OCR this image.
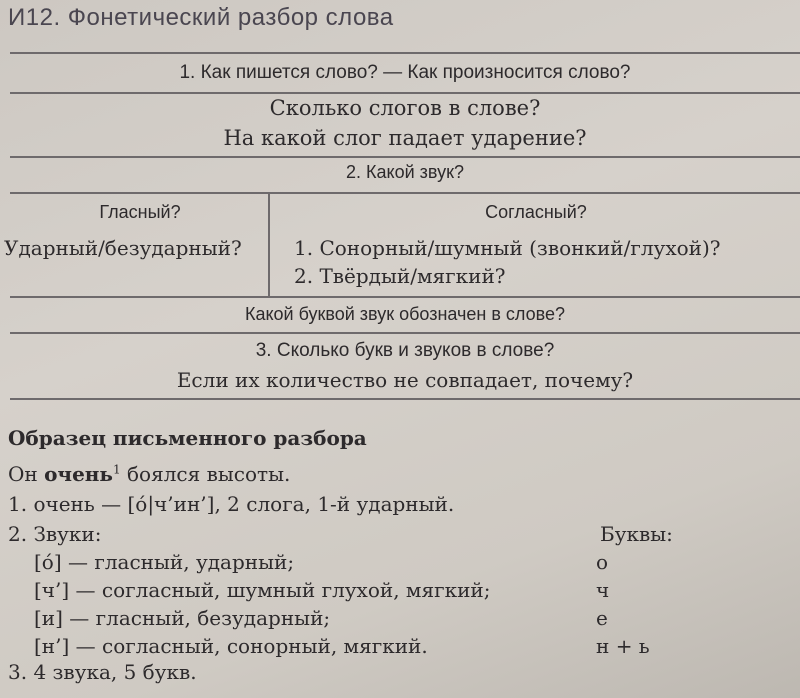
И12. Фонетический разбор слова
1. Как пишется слово? — Как произносится слово?
Сколько слогов в слове?
На какой слог падает ударение?
2. Какой звук?
Гласный?	Согласный?
Ударный/безударный?	1. Сонорный/шумный (звонкий/глухой)?
2. Твёрдый/мягкий?
Какой буквой звук обозначен в слове?
3. Сколько букв и звуков в слове?
Если их количество не совпадает, почему?
Образец письменного разбора
Он очень$^1$ боялся высоты.
1. очень — [о́|ч’ин’], 2 слога, 1-й ударный.
2. Звуки:	Буквы:
[о́] — гласный, ударный;	о
[ч’] — согласный, шумный глухой, мягкий;	ч
[и] — гласный, безударный;	е
[н’] — согласный, сонорный, мягкий.	н + ь
3. 4 звука, 5 букв.
